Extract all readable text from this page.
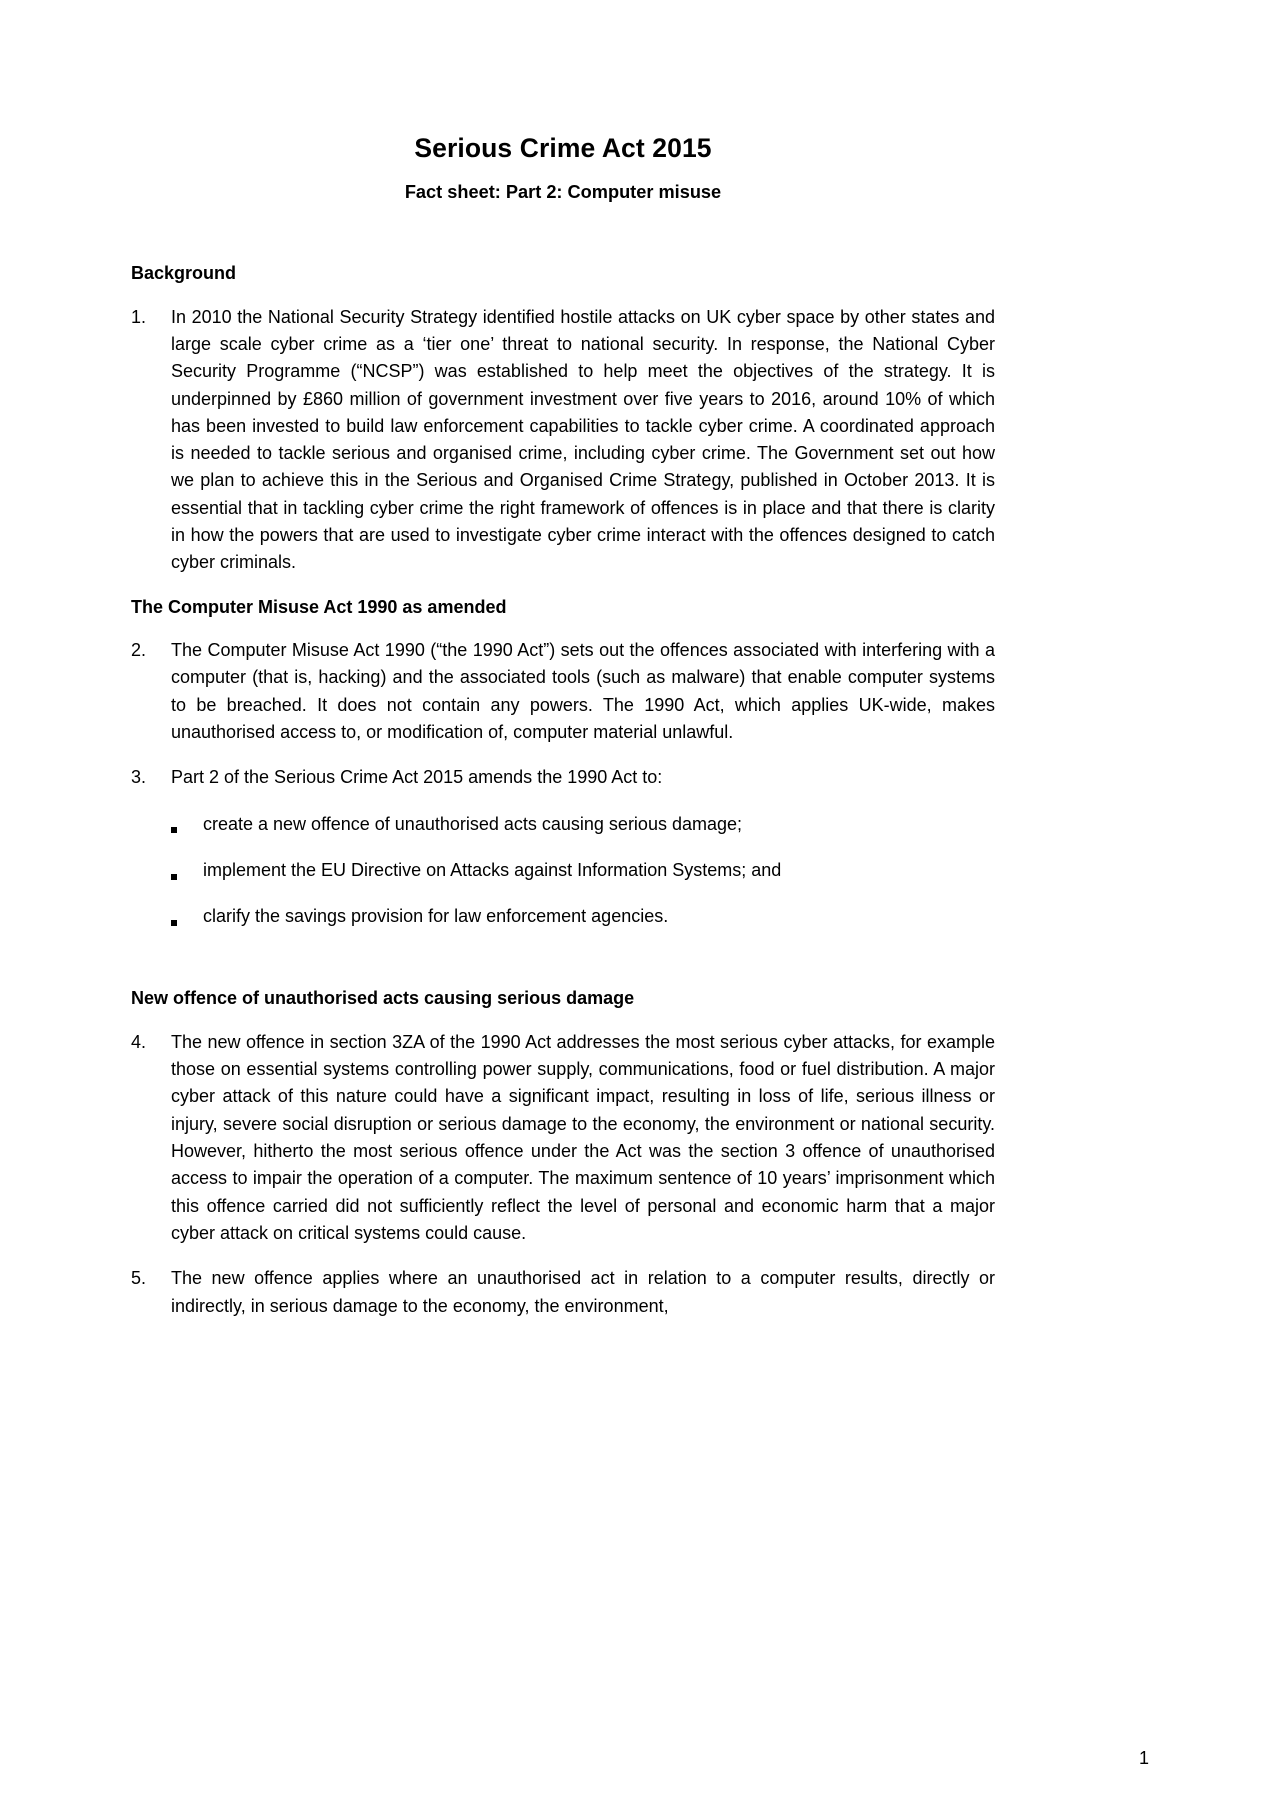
Serious Crime Act 2015
Fact sheet: Part 2: Computer misuse
Background
1.	In 2010 the National Security Strategy identified hostile attacks on UK cyber space by other states and large scale cyber crime as a ‘tier one’ threat to national security. In response, the National Cyber Security Programme (“NCSP”) was established to help meet the objectives of the strategy. It is underpinned by £860 million of government investment over five years to 2016, around 10% of which has been invested to build law enforcement capabilities to tackle cyber crime. A coordinated approach is needed to tackle serious and organised crime, including cyber crime. The Government set out how we plan to achieve this in the Serious and Organised Crime Strategy, published in October 2013. It is essential that in tackling cyber crime the right framework of offences is in place and that there is clarity in how the powers that are used to investigate cyber crime interact with the offences designed to catch cyber criminals.
The Computer Misuse Act 1990 as amended
2.	The Computer Misuse Act 1990 (“the 1990 Act”) sets out the offences associated with interfering with a computer (that is, hacking) and the associated tools (such as malware) that enable computer systems to be breached. It does not contain any powers. The 1990 Act, which applies UK-wide, makes unauthorised access to, or modification of, computer material unlawful.
3.	Part 2 of the Serious Crime Act 2015 amends the 1990 Act to:
create a new offence of unauthorised acts causing serious damage;
implement the EU Directive on Attacks against Information Systems; and
clarify the savings provision for law enforcement agencies.
New offence of unauthorised acts causing serious damage
4.	The new offence in section 3ZA of the 1990 Act addresses the most serious cyber attacks, for example those on essential systems controlling power supply, communications, food or fuel distribution. A major cyber attack of this nature could have a significant impact, resulting in loss of life, serious illness or injury, severe social disruption or serious damage to the economy, the environment or national security. However, hitherto the most serious offence under the Act was the section 3 offence of unauthorised access to impair the operation of a computer. The maximum sentence of 10 years’ imprisonment which this offence carried did not sufficiently reflect the level of personal and economic harm that a major cyber attack on critical systems could cause.
5.	The new offence applies where an unauthorised act in relation to a computer results, directly or indirectly, in serious damage to the economy, the environment,
1
